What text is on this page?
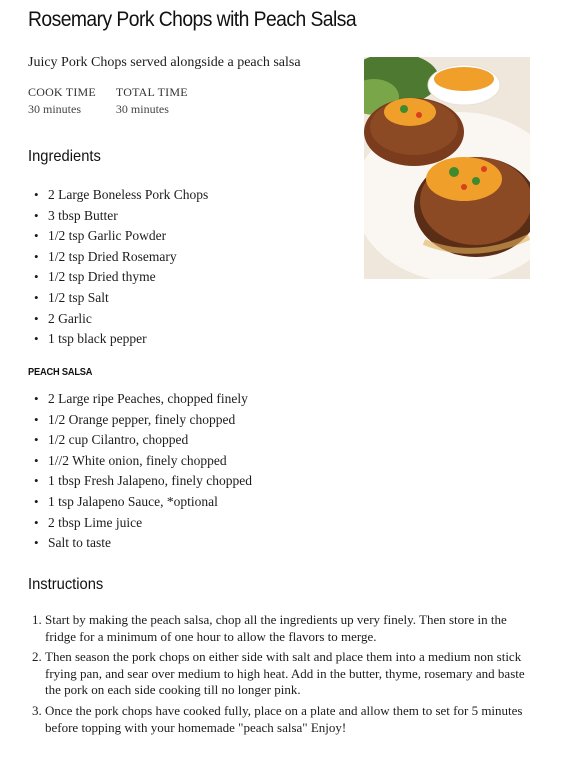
Rosemary Pork Chops with Peach Salsa
Juicy Pork Chops served alongside a peach salsa
COOK TIME
30 minutes
TOTAL TIME
30 minutes
Ingredients
• 2 Large Boneless Pork Chops
• 3 tbsp Butter
• 1/2 tsp Garlic Powder
• 1/2 tsp Dried Rosemary
• 1/2 tsp Dried thyme
• 1/2 tsp Salt
• 2 Garlic
• 1 tsp black pepper
PEACH SALSA
• 2 Large ripe Peaches, chopped finely
• 1/2 Orange pepper, finely chopped
• 1/2 cup Cilantro, chopped
• 1//2 White onion, finely chopped
• 1 tbsp Fresh Jalapeno, finely chopped
• 1 tsp Jalapeno Sauce, *optional
• 2 tbsp Lime juice
• Salt to taste
Instructions
1. Start by making the peach salsa, chop all the ingredients up very finely. Then store in the fridge for a minimum of one hour to allow the flavors to merge.
2. Then season the pork chops on either side with salt and place them into a medium non stick frying pan, and sear over medium to high heat. Add in the butter, thyme, rosemary and baste the pork on each side cooking till no longer pink.
3. Once the pork chops have cooked fully, place on a plate and allow them to set for 5 minutes before topping with your homemade "peach salsa" Enjoy!
